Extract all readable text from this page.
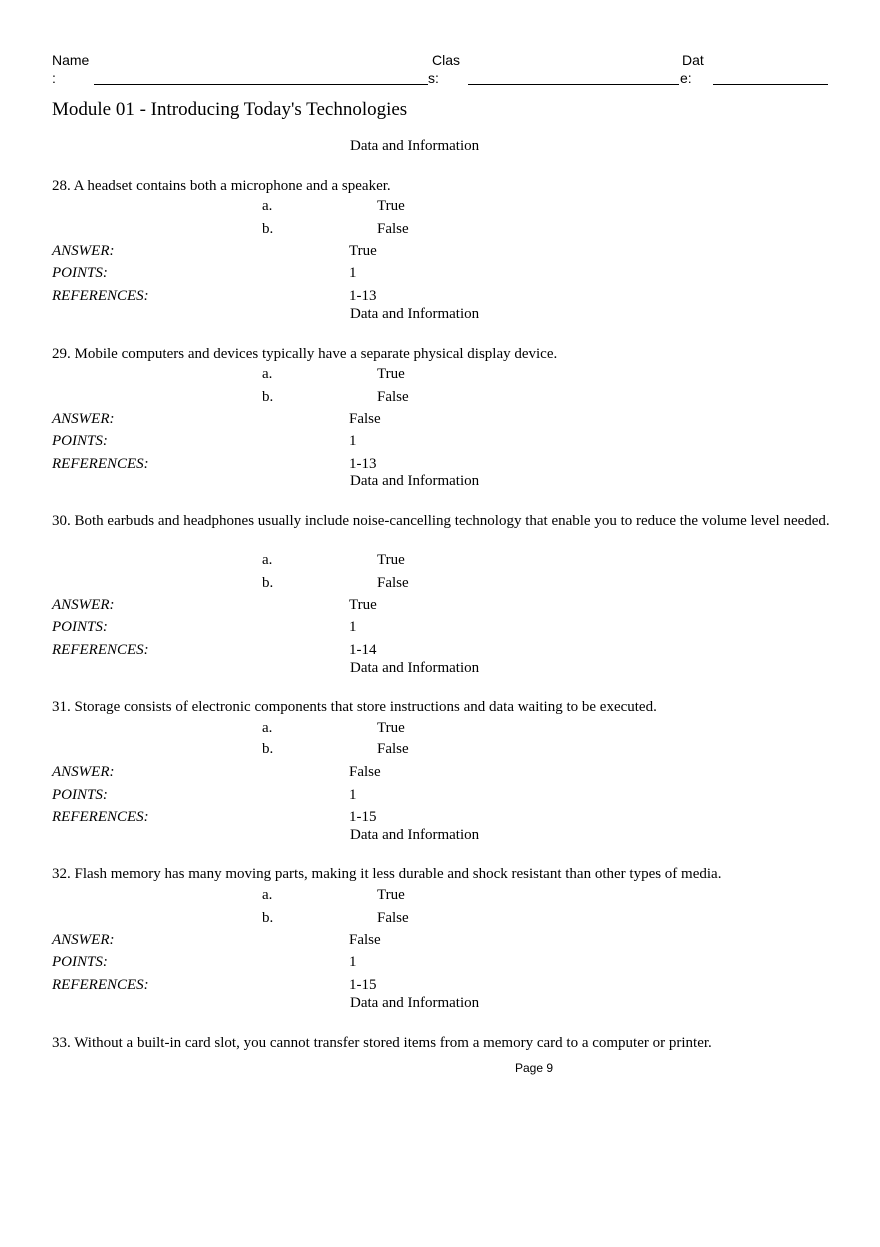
Name
:
Clas
s:
Dat
e:
Module 01 - Introducing Today's Technologies
Data and Information
28. A headset contains both a microphone and a speaker.
a.	True
b.	False
ANSWER:	True
POINTS:	1
REFERENCES:	1-13
Data and Information
29. Mobile computers and devices typically have a separate physical display device.
a.	True
b.	False
ANSWER:	False
POINTS:	1
REFERENCES:	1-13
Data and Information
30. Both earbuds and headphones usually include noise-cancelling technology that enable you to reduce the volume level needed.
a.	True
b.	False
ANSWER:	True
POINTS:	1
REFERENCES:	1-14
Data and Information
31. Storage consists of electronic components that store instructions and data waiting to be executed.
a.	True
b.	False
ANSWER:	False
POINTS:	1
REFERENCES:	1-15
Data and Information
32. Flash memory has many moving parts, making it less durable and shock resistant than other types of media.
a.	True
b.	False
ANSWER:	False
POINTS:	1
REFERENCES:	1-15
Data and Information
33. Without a built-in card slot, you cannot transfer stored items from a memory card to a computer or printer.
Page 9
